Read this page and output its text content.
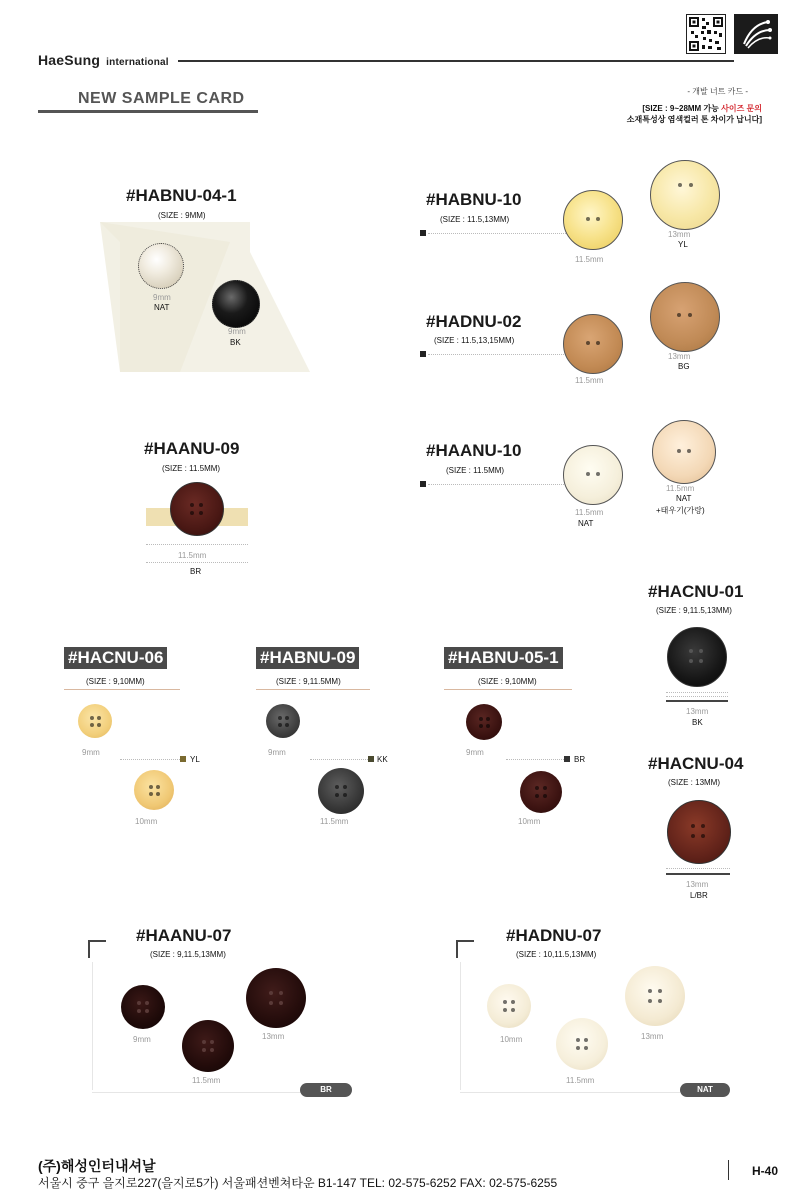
HaeSung international
NEW SAMPLE CARD	- 개발 너트 카드 -
[SIZE : 9~28MM 가능 사이즈 문의
소재특성상 염색컬러 톤 차이가 납니다]
#HABNU-04-1
(SIZE : 9MM)
9mm
NAT
9mm
BK
#HABNU-10
(SIZE : 11.5,13MM)
11.5mm
13mm
YL
#HADNU-02
(SIZE : 11.5,13,15MM)
11.5mm
13mm
BG
#HAANU-09
(SIZE : 11.5MM)
11.5mm
BR
#HAANU-10
(SIZE : 11.5MM)
11.5mm
NAT
11.5mm
NAT
+태우기(가랑)
#HACNU-01
(SIZE : 9,11.5,13MM)
13mm
BK
#HACNU-06
(SIZE : 9,10MM)
9mm
YL
10mm
#HABNU-09
(SIZE : 9,11.5MM)
9mm
KK
11.5mm
#HABNU-05-1
(SIZE : 9,10MM)
9mm
BR
10mm
#HACNU-04
(SIZE : 13MM)
13mm
L/BR
#HAANU-07
(SIZE : 9,11.5,13MM)
9mm
11.5mm
13mm
BR
#HADNU-07
(SIZE : 10,11.5,13MM)
10mm
11.5mm
13mm
NAT
(주)해성인터내셔날
서울시 중구 을지로227(을지로5가) 서울패션벤쳐타운 B1-147 TEL: 02-575-6252 FAX: 02-575-6255
H-40
